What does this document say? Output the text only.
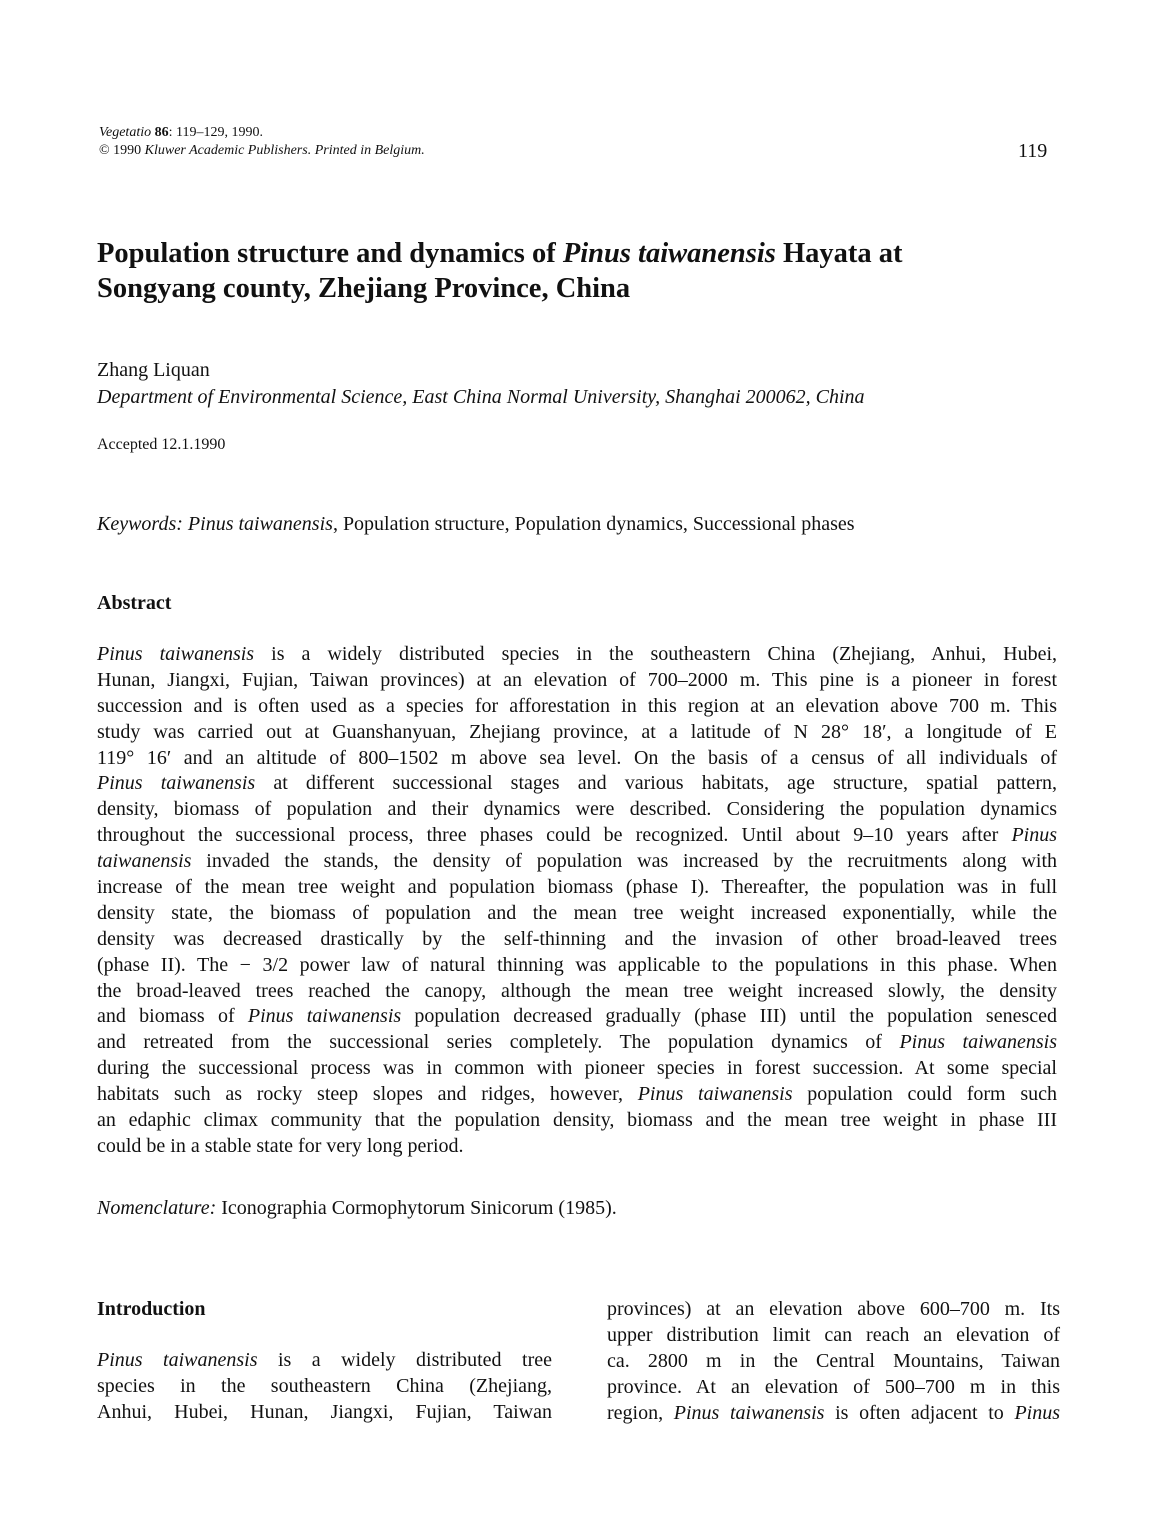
Vegetatio 86: 119–129, 1990.
© 1990 Kluwer Academic Publishers. Printed in Belgium.	119
Population structure and dynamics of Pinus taiwanensis Hayata at
Songyang county, Zhejiang Province, China
Zhang Liquan
Department of Environmental Science, East China Normal University, Shanghai 200062, China
Accepted 12.1.1990
Keywords: Pinus taiwanensis, Population structure, Population dynamics, Successional phases
Abstract
Pinus taiwanensis is a widely distributed species in the southeastern China (Zhejiang, Anhui, Hubei,
Hunan, Jiangxi, Fujian, Taiwan provinces) at an elevation of 700–2000 m. This pine is a pioneer in forest
succession and is often used as a species for afforestation in this region at an elevation above 700 m. This
study was carried out at Guanshanyuan, Zhejiang province, at a latitude of N 28° 18′, a longitude of E
119° 16′ and an altitude of 800–1502 m above sea level. On the basis of a census of all individuals of
Pinus taiwanensis at different successional stages and various habitats, age structure, spatial pattern,
density, biomass of population and their dynamics were described. Considering the population dynamics
throughout the successional process, three phases could be recognized. Until about 9–10 years after Pinus
taiwanensis invaded the stands, the density of population was increased by the recruitments along with
increase of the mean tree weight and population biomass (phase I). Thereafter, the population was in full
density state, the biomass of population and the mean tree weight increased exponentially, while the
density was decreased drastically by the self-thinning and the invasion of other broad-leaved trees
(phase II). The − 3/2 power law of natural thinning was applicable to the populations in this phase. When
the broad-leaved trees reached the canopy, although the mean tree weight increased slowly, the density
and biomass of Pinus taiwanensis population decreased gradually (phase III) until the population senesced
and retreated from the successional series completely. The population dynamics of Pinus taiwanensis
during the successional process was in common with pioneer species in forest succession. At some special
habitats such as rocky steep slopes and ridges, however, Pinus taiwanensis population could form such
an edaphic climax community that the population density, biomass and the mean tree weight in phase III
could be in a stable state for very long period.
Nomenclature: Iconographia Cormophytorum Sinicorum (1985).
Introduction
Pinus taiwanensis is a widely distributed tree
species in the southeastern China (Zhejiang,
Anhui, Hubei, Hunan, Jiangxi, Fujian, Taiwan
provinces) at an elevation above 600–700 m. Its
upper distribution limit can reach an elevation of
ca. 2800 m in the Central Mountains, Taiwan
province. At an elevation of 500–700 m in this
region, Pinus taiwanensis is often adjacent to Pinus
